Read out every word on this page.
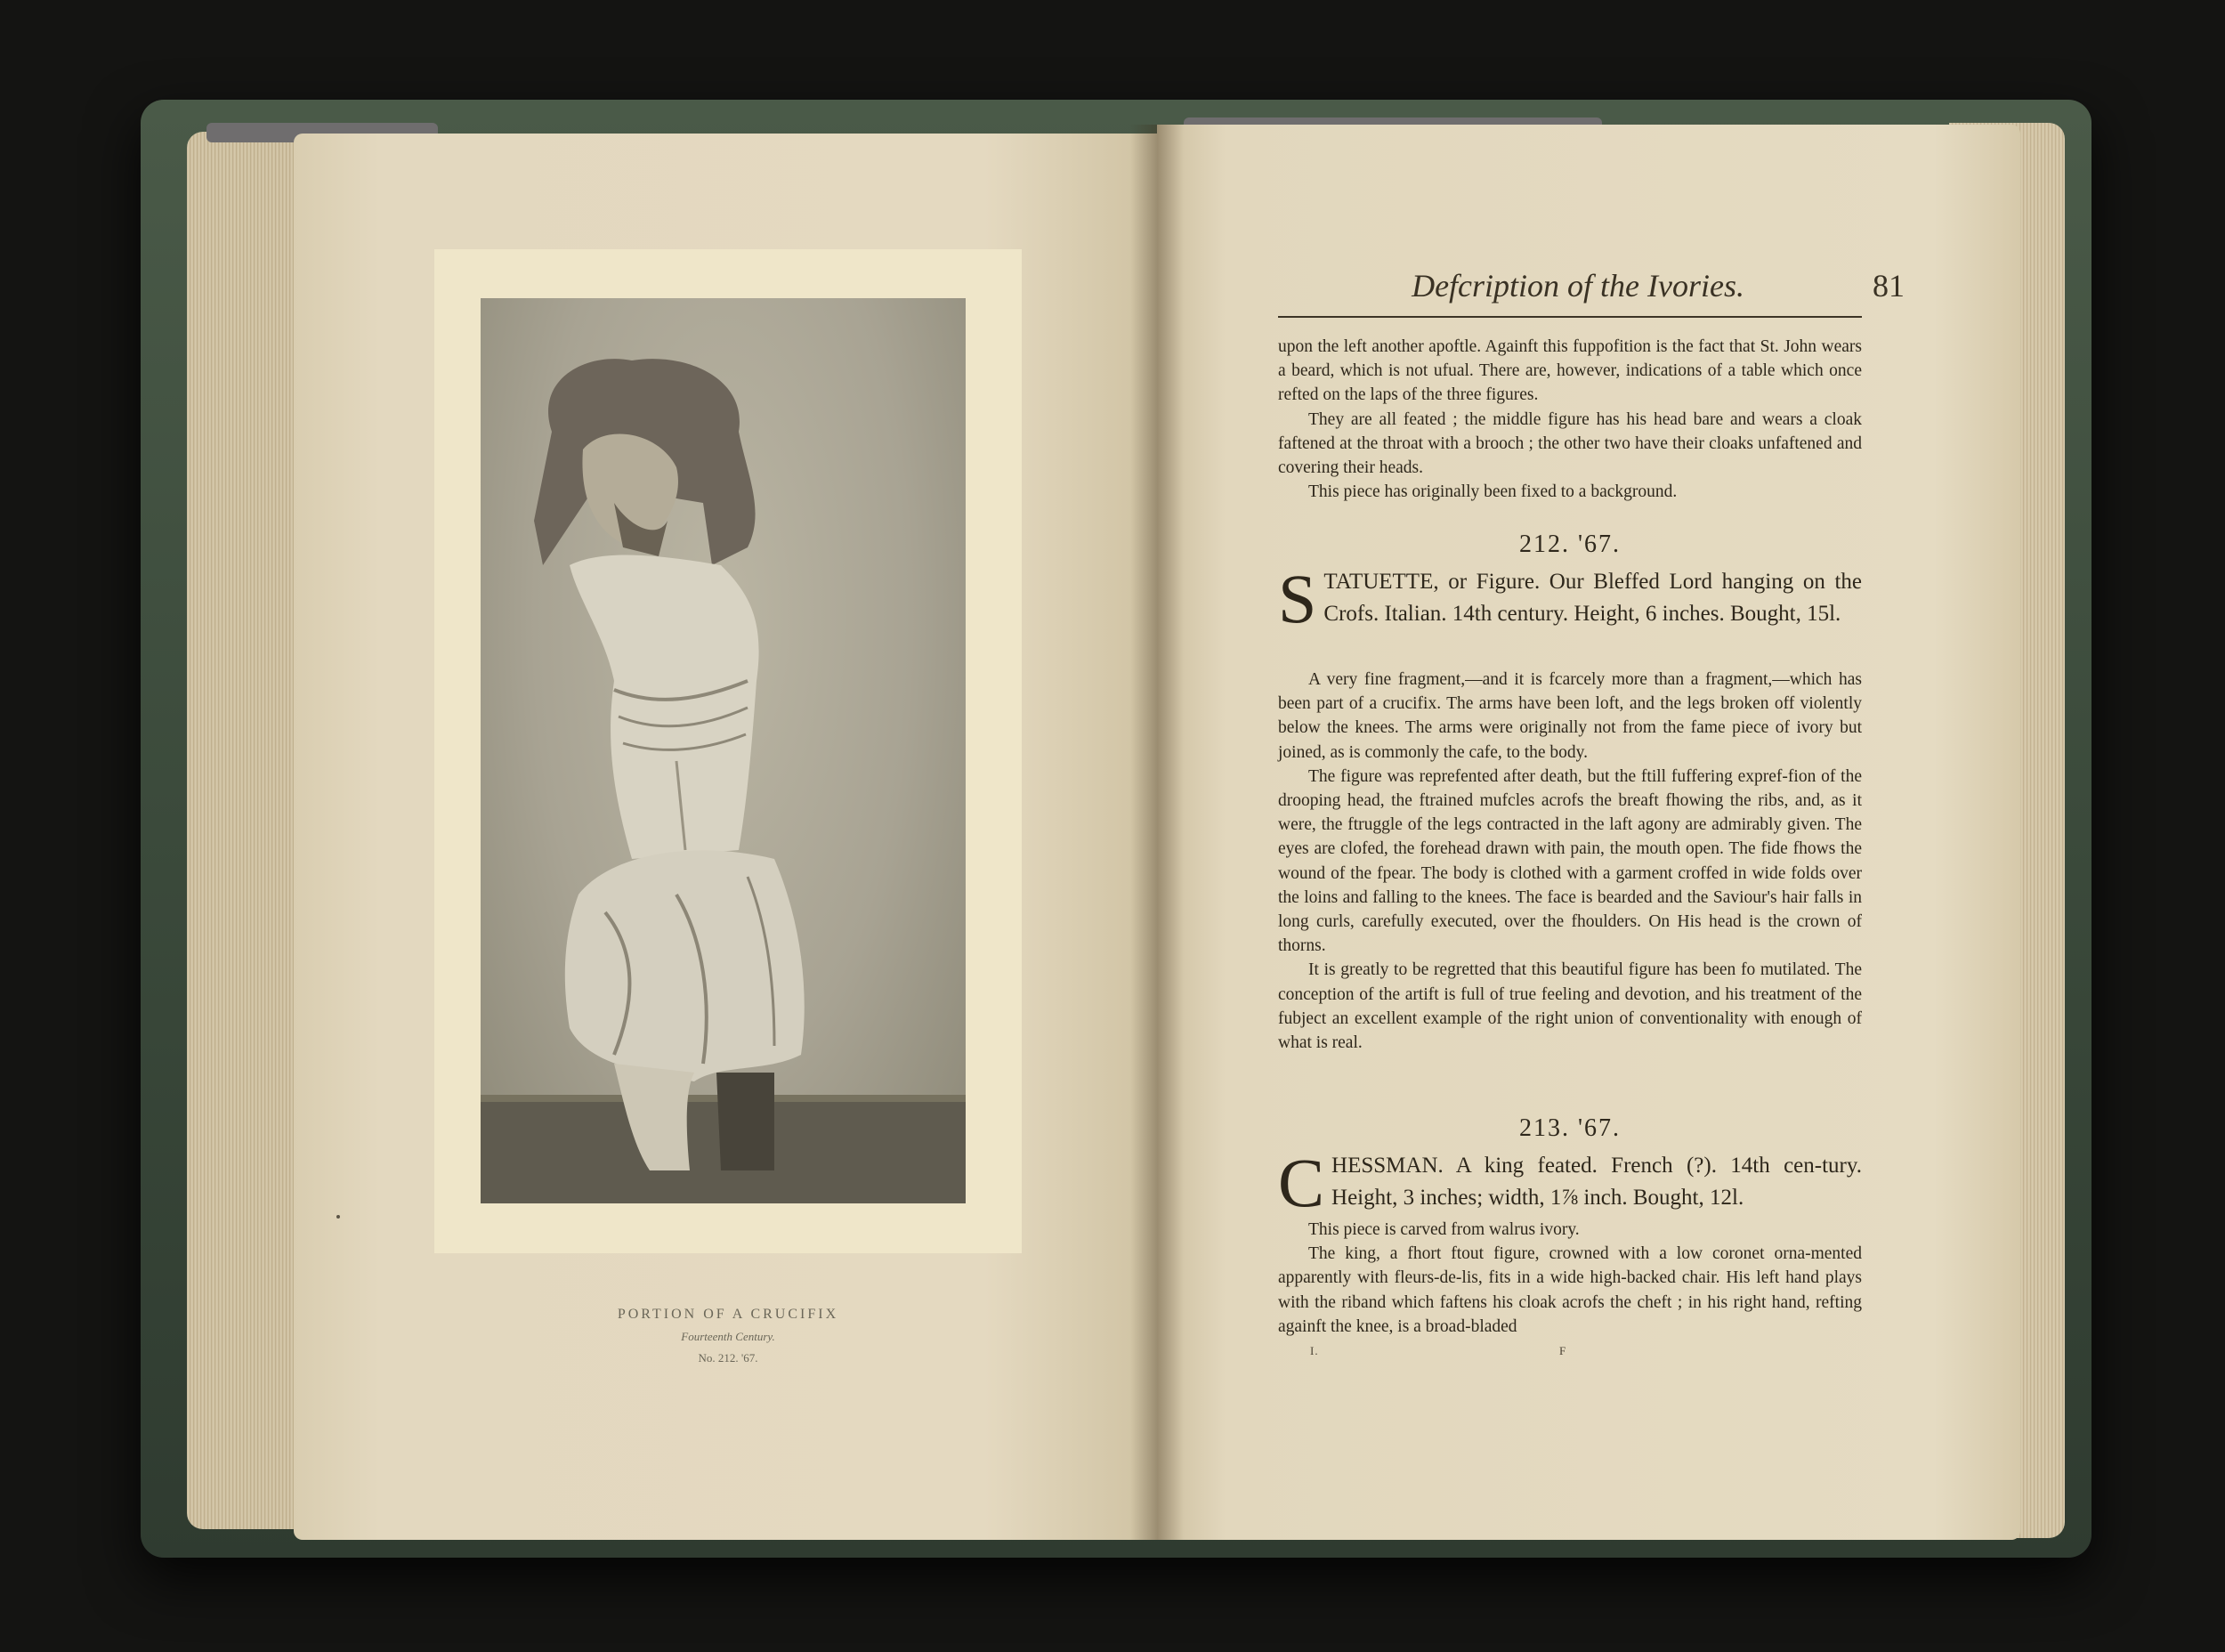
PORTION OF A CRUCIFIX
Fourteenth Century.
No. 212. '67.
Defcription of the Ivories.	81

upon the left another apoftle. Againft this fuppofition is the fact that St. John wears a beard, which is not ufual. There are, however, indications of a table which once refted on the laps of the three figures.

They are all feated ; the middle figure has his head bare and wears a cloak faftened at the throat with a brooch ; the other two have their cloaks unfaftened and covering their heads.

This piece has originally been fixed to a background.

212. '67.
STATUETTE, or Figure. Our Bleffed Lord hanging on the Crofs. Italian. 14th century. Height, 6 inches. Bought, 15l.

A very fine fragment,—and it is fcarcely more than a fragment,—which has been part of a crucifix. The arms have been loft, and the legs broken off violently below the knees. The arms were originally not from the fame piece of ivory but joined, as is commonly the cafe, to the body.

The figure was reprefented after death, but the ftill fuffering expref-fion of the drooping head, the ftrained mufcles acrofs the breaft fhowing the ribs, and, as it were, the ftruggle of the legs contracted in the laft agony are admirably given. The eyes are clofed, the forehead drawn with pain, the mouth open. The fide fhows the wound of the fpear. The body is clothed with a garment croffed in wide folds over the loins and falling to the knees. The face is bearded and the Saviour's hair falls in long curls, carefully executed, over the fhoulders. On His head is the crown of thorns.

It is greatly to be regretted that this beautiful figure has been fo mutilated. The conception of the artift is full of true feeling and devotion, and his treatment of the fubject an excellent example of the right union of conventionality with enough of what is real.

213. '67.
CHESSMAN. A king feated. French (?). 14th cen-tury. Height, 3 inches; width, 1⅞ inch. Bought, 12l.

This piece is carved from walrus ivory.

The king, a fhort ftout figure, crowned with a low coronet orna-mented apparently with fleurs-de-lis, fits in a wide high-backed chair. His left hand plays with the riband which faftens his cloak acrofs the cheft ; in his right hand, refting againft the knee, is a broad-bladed

I.	F
